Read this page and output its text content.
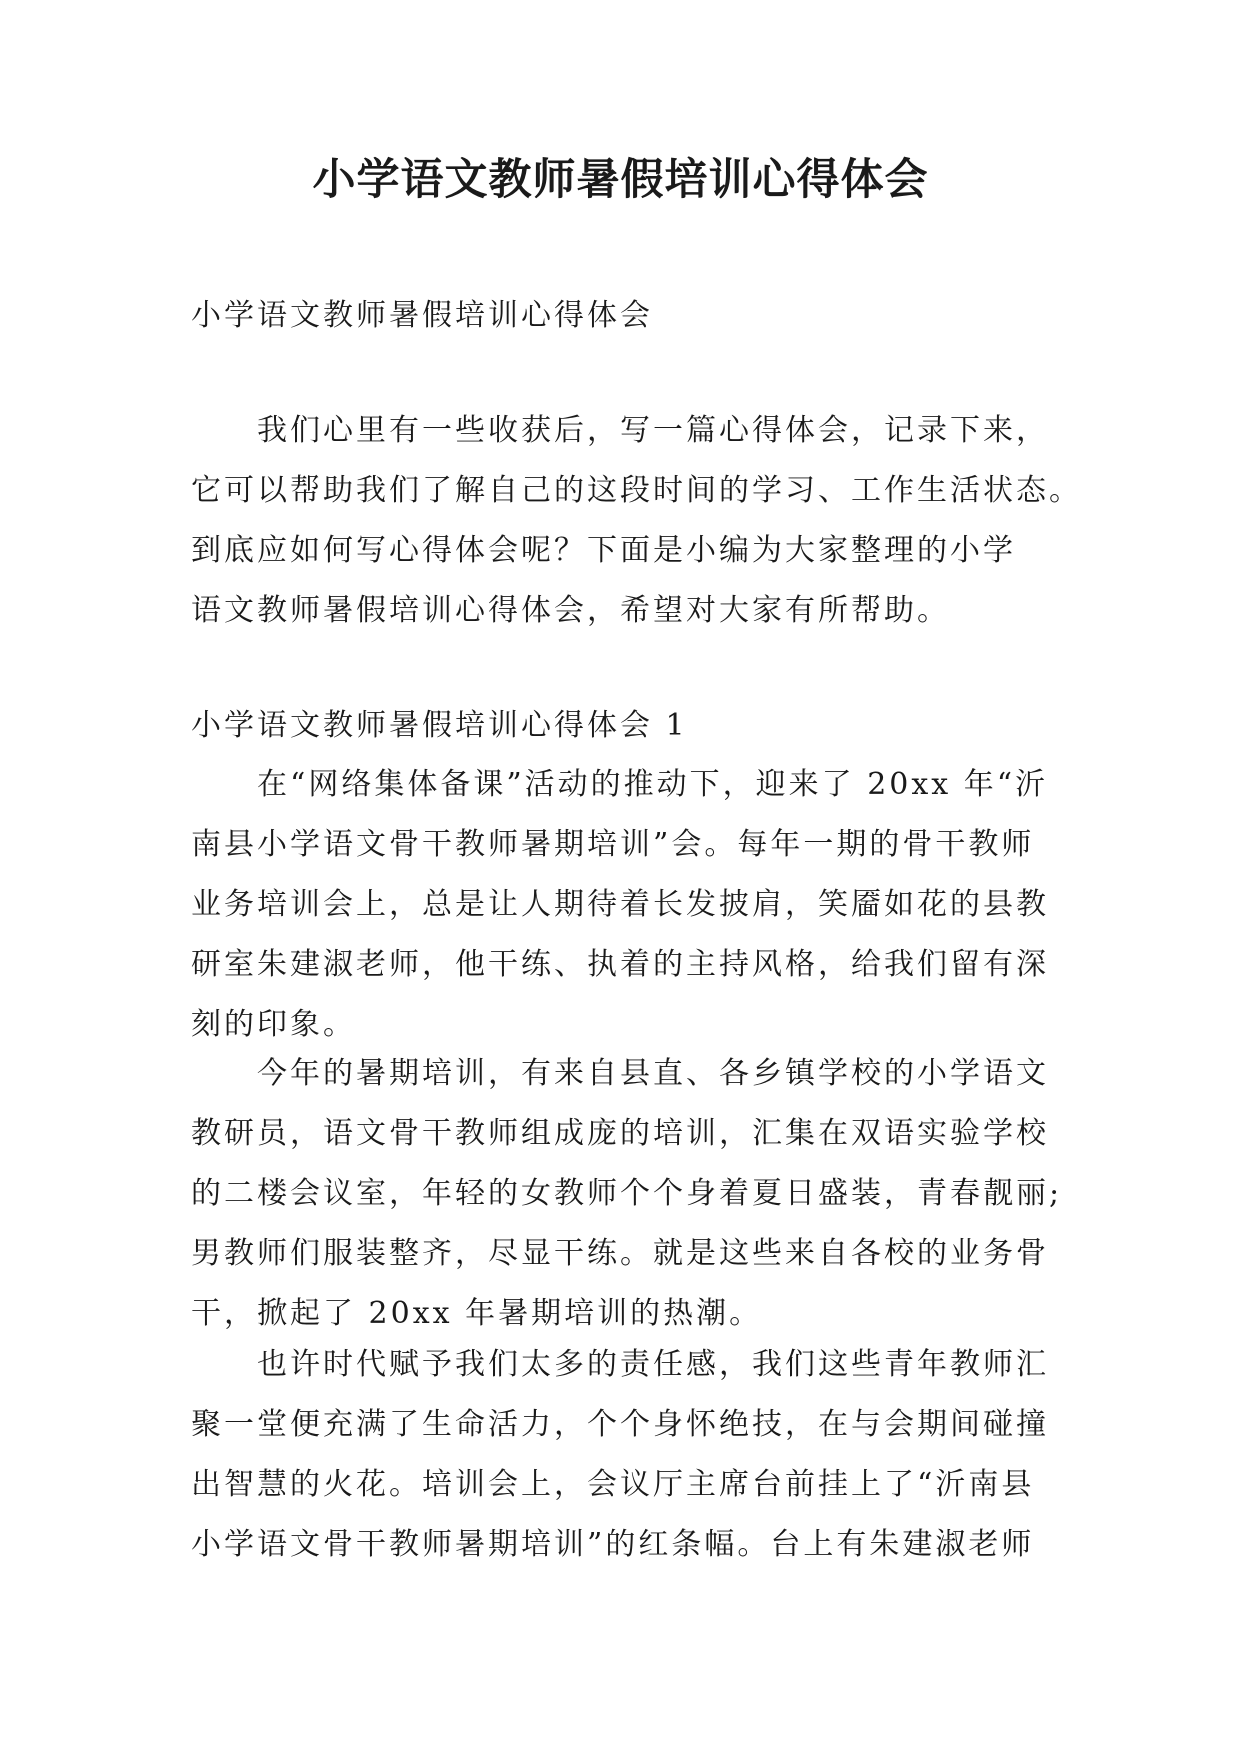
小学语文教师暑假培训心得体会

小学语文教师暑假培训心得体会

我们心里有一些收获后，写一篇心得体会，记录下来，
它可以帮助我们了解自己的这段时间的学习、工作生活状态。
到底应如何写心得体会呢？下面是小编为大家整理的小学
语文教师暑假培训心得体会，希望对大家有所帮助。

小学语文教师暑假培训心得体会 1

在“网络集体备课”活动的推动下，迎来了 20xx 年“沂
南县小学语文骨干教师暑期培训”会。每年一期的骨干教师
业务培训会上，总是让人期待着长发披肩，笑靥如花的县教
研室朱建淑老师，他干练、执着的主持风格，给我们留有深
刻的印象。
今年的暑期培训，有来自县直、各乡镇学校的小学语文
教研员，语文骨干教师组成庞的培训，汇集在双语实验学校
的二楼会议室，年轻的女教师个个身着夏日盛装，青春靓丽;
男教师们服装整齐，尽显干练。就是这些来自各校的业务骨
干，掀起了 20xx 年暑期培训的热潮。
也许时代赋予我们太多的责任感，我们这些青年教师汇
聚一堂便充满了生命活力，个个身怀绝技，在与会期间碰撞
出智慧的火花。培训会上，会议厅主席台前挂上了“沂南县
小学语文骨干教师暑期培训”的红条幅。台上有朱建淑老师
